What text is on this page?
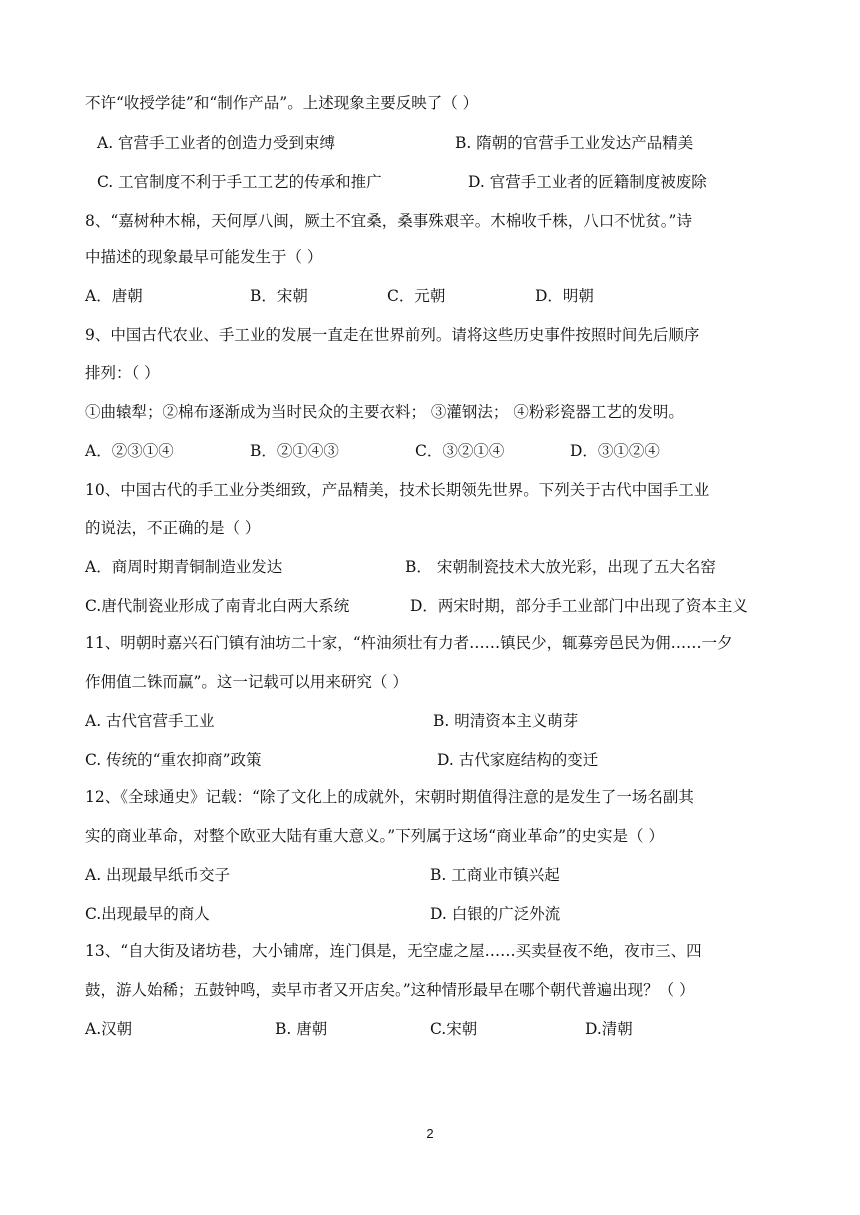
不许“收授学徒”和“制作产品”。上述现象主要反映了（ ）
A. 官营手工业者的创造力受到束缚	B. 隋朝的官营手工业发达产品精美
C. 工官制度不利于手工工艺的传承和推广	D. 官营手工业者的匠籍制度被废除
8、“嘉树种木棉，天何厚八闽，厥土不宜桑，桑事殊艰辛。木棉收千株，八口不忧贫。”诗
中描述的现象最早可能发生于（ ）
A．唐朝	B．宋朝	C．元朝	D．明朝
9、中国古代农业、手工业的发展一直走在世界前列。请将这些历史事件按照时间先后顺序
排列：（ ）
①曲辕犁；②棉布逐渐成为当时民众的主要衣料； ③灌钢法； ④粉彩瓷器工艺的发明。
A．②③①④	B．②①④③	C．③②①④	D．③①②④
10、中国古代的手工业分类细致，产品精美，技术长期领先世界。下列关于古代中国手工业
的说法，不正确的是（ ）
A．商周时期青铜制造业发达	B． 宋朝制瓷技术大放光彩，出现了五大名窑
C.唐代制瓷业形成了南青北白两大系统	D．两宋时期，部分手工业部门中出现了资本主义
11、明朝时嘉兴石门镇有油坊二十家，“杵油须壮有力者……镇民少，辄募旁邑民为佣……一夕
作佣值二铢而赢”。这一记载可以用来研究（ ）
A. 古代官营手工业	B. 明清资本主义萌芽
C. 传统的“重农抑商”政策	D. 古代家庭结构的变迁
12、《全球通史》记载：“除了文化上的成就外，宋朝时期值得注意的是发生了一场名副其
实的商业革命，对整个欧亚大陆有重大意义。”下列属于这场“商业革命”的史实是（ ）
A. 出现最早纸币交子	B. 工商业市镇兴起
C.出现最早的商人	D. 白银的广泛外流
13、“自大街及诸坊巷，大小铺席，连门俱是，无空虚之屋……买卖昼夜不绝，夜市三、四
鼓，游人始稀；五鼓钟鸣，卖早市者又开店矣。”这种情形最早在哪个朝代普遍出现？（ ）
A.汉朝	B. 唐朝	C.宋朝	D.清朝
2
